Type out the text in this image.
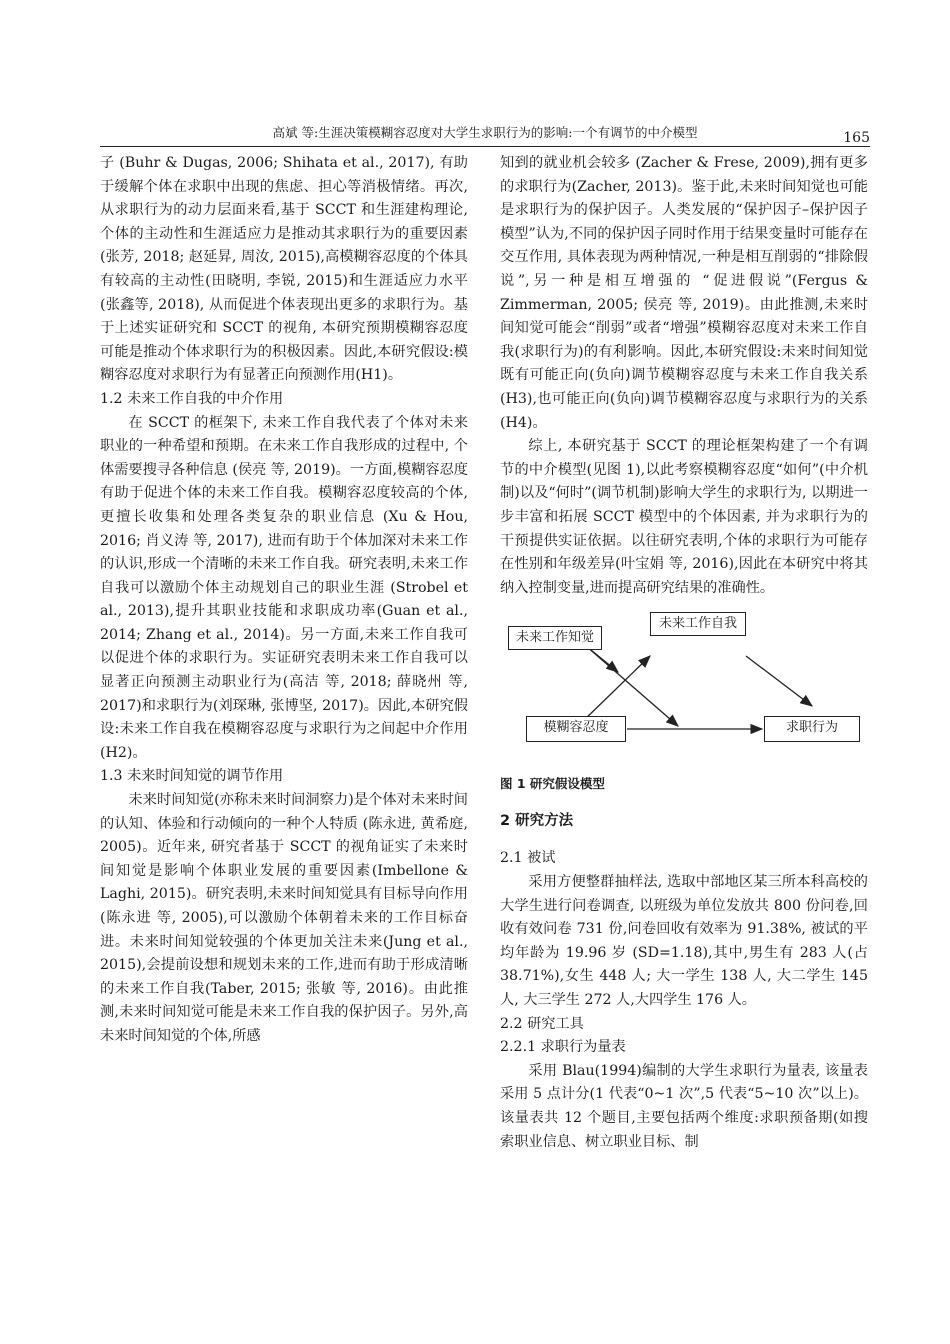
高斌 等:生涯决策模糊容忍度对大学生求职行为的影响:一个有调节的中介模型	165

子 (Buhr & Dugas, 2006; Shihata et al., 2017), 有助于缓解个体在求职中出现的焦虑、担心等消极情绪。再次,从求职行为的动力层面来看,基于 SCCT 和生涯建构理论,个体的主动性和生涯适应力是推动其求职行为的重要因素(张芳, 2018; 赵延昇, 周汝, 2015),高模糊容忍度的个体具有较高的主动性(田晓明, 李锐, 2015)和生涯适应力水平(张鑫等, 2018), 从而促进个体表现出更多的求职行为。基于上述实证研究和 SCCT 的视角, 本研究预期模糊容忍度可能是推动个体求职行为的积极因素。因此,本研究假设:模糊容忍度对求职行为有显著正向预测作用(H1)。

1.2 未来工作自我的中介作用

在 SCCT 的框架下, 未来工作自我代表了个体对未来职业的一种希望和预期。在未来工作自我形成的过程中, 个体需要搜寻各种信息 (侯亮 等, 2019)。一方面,模糊容忍度有助于促进个体的未来工作自我。模糊容忍度较高的个体,更擅长收集和处理各类复杂的职业信息 (Xu & Hou, 2016; 肖义涛 等, 2017), 进而有助于个体加深对未来工作的认识,形成一个清晰的未来工作自我。研究表明,未来工作自我可以激励个体主动规划自己的职业生涯 (Strobel et al., 2013),提升其职业技能和求职成功率(Guan et al., 2014; Zhang et al., 2014)。另一方面,未来工作自我可以促进个体的求职行为。实证研究表明未来工作自我可以显著正向预测主动职业行为(高洁 等, 2018; 薛晓州 等, 2017)和求职行为(刘琛琳, 张博坚, 2017)。因此,本研究假设:未来工作自我在模糊容忍度与求职行为之间起中介作用(H2)。

1.3 未来时间知觉的调节作用

未来时间知觉(亦称未来时间洞察力)是个体对未来时间的认知、体验和行动倾向的一种个人特质 (陈永进, 黄希庭, 2005)。近年来, 研究者基于 SCCT 的视角证实了未来时间知觉是影响个体职业发展的重要因素(Imbellone & Laghi, 2015)。研究表明,未来时间知觉具有目标导向作用(陈永进 等, 2005),可以激励个体朝着未来的工作目标奋进。未来时间知觉较强的个体更加关注未来(Jung et al., 2015),会提前设想和规划未来的工作,进而有助于形成清晰的未来工作自我(Taber, 2015; 张敏 等, 2016)。由此推测,未来时间知觉可能是未来工作自我的保护因子。另外,高未来时间知觉的个体,所感

知到的就业机会较多 (Zacher & Frese, 2009),拥有更多的求职行为(Zacher, 2013)。鉴于此,未来时间知觉也可能是求职行为的保护因子。人类发展的“保护因子–保护因子模型”认为,不同的保护因子同时作用于结果变量时可能存在交互作用, 具体表现为两种情况,一种是相互削弱的“排除假说”,另一种是相互增强的 “促进假说”(Fergus & Zimmerman, 2005; 侯亮 等, 2019)。由此推测,未来时间知觉可能会“削弱”或者“增强”模糊容忍度对未来工作自我(求职行为)的有利影响。因此,本研究假设:未来时间知觉既有可能正向(负向)调节模糊容忍度与未来工作自我关系(H3),也可能正向(负向)调节模糊容忍度与求职行为的关系(H4)。

综上, 本研究基于 SCCT 的理论框架构建了一个有调节的中介模型(见图 1),以此考察模糊容忍度“如何”(中介机制)以及“何时”(调节机制)影响大学生的求职行为, 以期进一步丰富和拓展 SCCT 模型中的个体因素, 并为求职行为的干预提供实证依据。以往研究表明,个体的求职行为可能存在性别和年级差异(叶宝娟 等, 2016),因此在本研究中将其纳入控制变量,进而提高研究结果的准确性。

未来工作知觉
未来工作自我
模糊容忍度	求职行为

图 1 研究假设模型

2 研究方法

2.1 被试

采用方便整群抽样法, 选取中部地区某三所本科高校的大学生进行问卷调查, 以班级为单位发放共 800 份问卷,回收有效问卷 731 份,问卷回收有效率为 91.38%, 被试的平均年龄为 19.96 岁 (SD=1.18),其中,男生有 283 人(占 38.71%),女生 448 人; 大一学生 138 人, 大二学生 145 人, 大三学生 272 人,大四学生 176 人。

2.2 研究工具

2.2.1 求职行为量表

采用 Blau(1994)编制的大学生求职行为量表, 该量表采用 5 点计分(1 代表“0~1 次”,5 代表“5~10 次”以上)。该量表共 12 个题目,主要包括两个维度:求职预备期(如搜索职业信息、树立职业目标、制
